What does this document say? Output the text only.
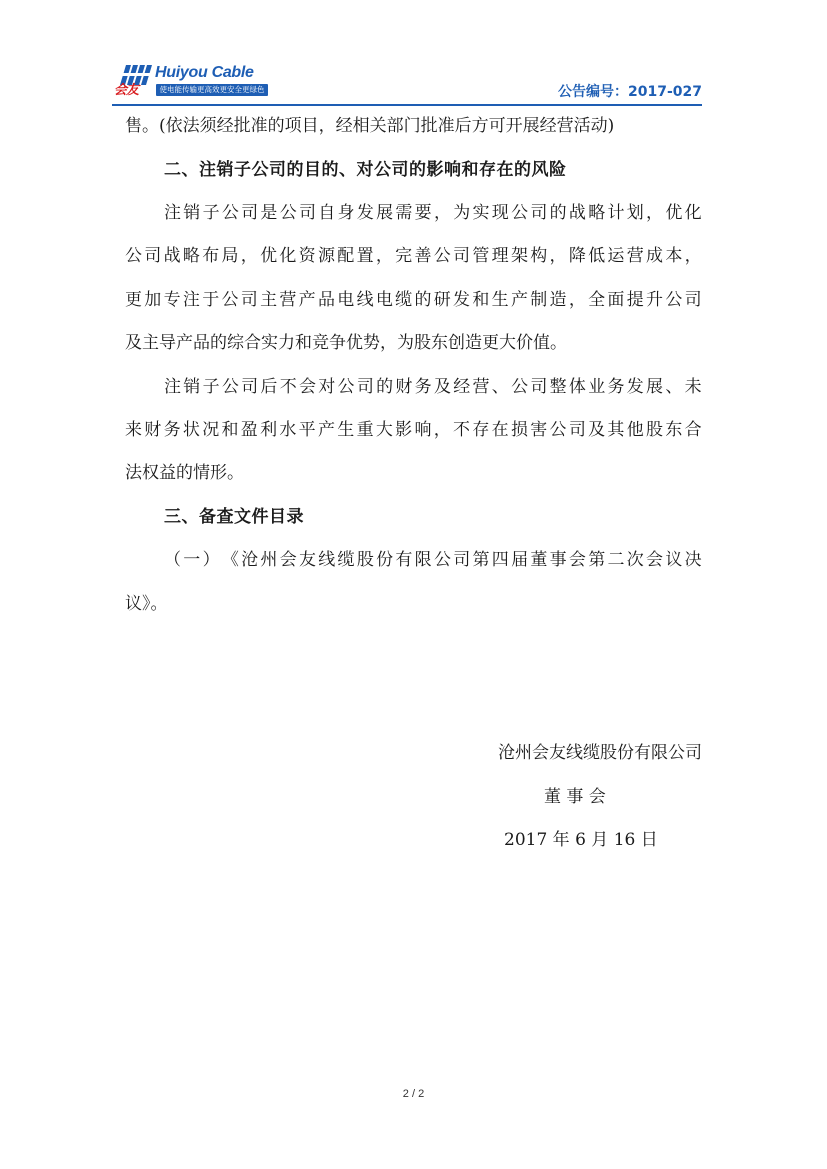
会友
Huiyou Cable
使电能传输更高效更安全更绿色	公告编号：2017-027
售。(依法须经批准的项目，经相关部门批准后方可开展经营活动)
二、注销子公司的目的、对公司的影响和存在的风险
注 销 子 公 司 是 公 司 自 身 发 展 需 要 ， 为 实 现 公 司 的 战 略 计 划 ， 优 化
公 司 战 略 布 局 ， 优 化 资 源 配 置 ， 完 善 公 司 管 理 架 构 ， 降 低 运 营 成 本 ，
更 加 专 注 于 公 司 主 营 产 品 电 线 电 缆 的 研 发 和 生 产 制 造 ， 全 面 提 升 公 司
及主导产品的综合实力和竞争优势，为股东创造更大价值。
注 销 子 公 司 后 不 会 对 公 司 的 财 务 及 经 营 、 公 司 整 体 业 务 发 展 、 未
来 财 务 状 况 和 盈 利 水 平 产 生 重 大 影 响 ， 不 存 在 损 害 公 司 及 其 他 股 东 合
法权益的情形。
三、备查文件目录
（ 一 ） 《 沧 州 会 友 线 缆 股 份 有 限 公 司 第 四 届 董 事 会 第 二 次 会 议 决
议》。
沧州会友线缆股份有限公司
董 事 会
2017 年 6 月 16 日
2 / 2
